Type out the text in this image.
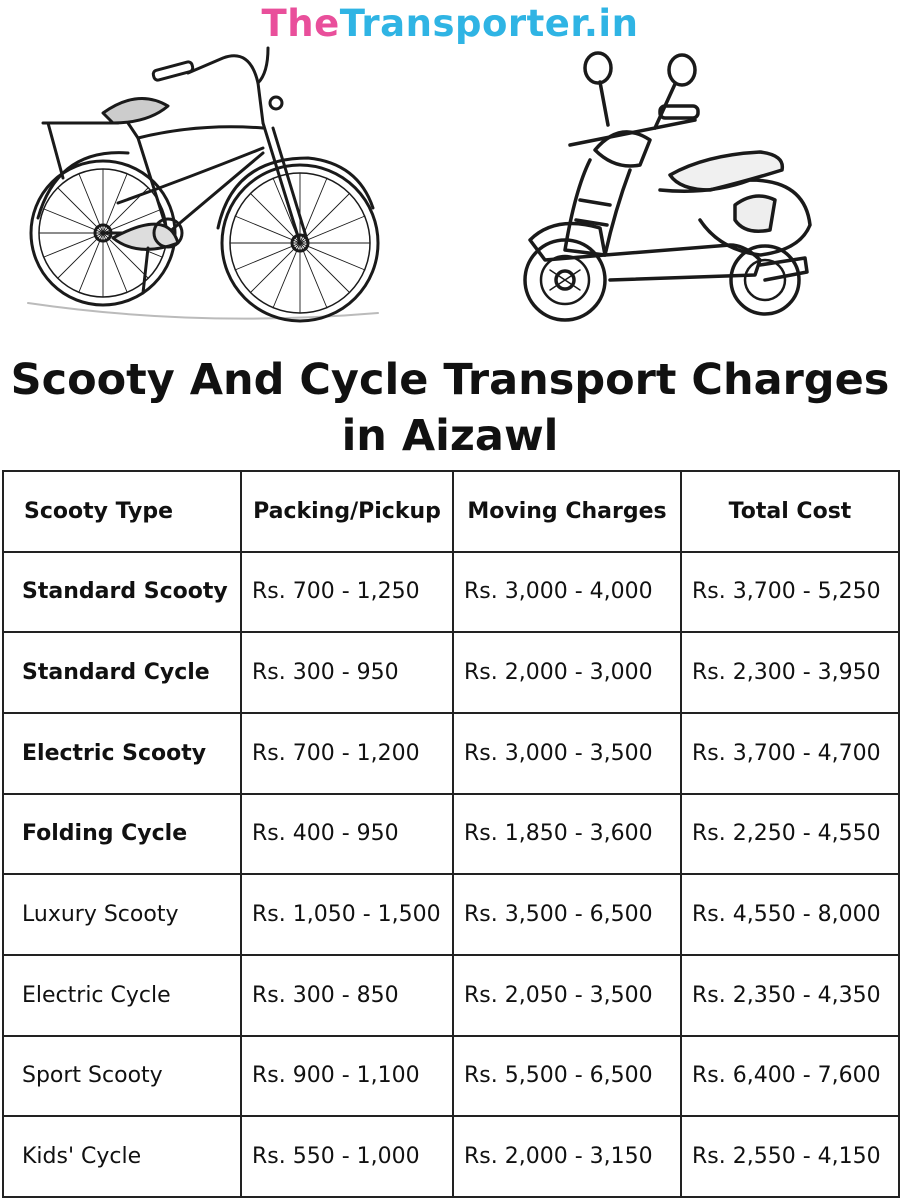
TheTransporter.in
Scooty And Cycle Transport Charges in Aizawl
Scooty Type	Packing/Pickup	Moving Charges	Total Cost
Standard Scooty	Rs. 700 - 1,250	Rs. 3,000 - 4,000	Rs. 3,700 - 5,250
Standard Cycle	Rs. 300 - 950	Rs. 2,000 - 3,000	Rs. 2,300 - 3,950
Electric Scooty	Rs. 700 - 1,200	Rs. 3,000 - 3,500	Rs. 3,700 - 4,700
Folding Cycle	Rs. 400 - 950	Rs. 1,850 - 3,600	Rs. 2,250 - 4,550
Luxury Scooty	Rs. 1,050 - 1,500	Rs. 3,500 - 6,500	Rs. 4,550 - 8,000
Electric Cycle	Rs. 300 - 850	Rs. 2,050 - 3,500	Rs. 2,350 - 4,350
Sport Scooty	Rs. 900 - 1,100	Rs. 5,500 - 6,500	Rs. 6,400 - 7,600
Kids' Cycle	Rs. 550 - 1,000	Rs. 2,000 - 3,150	Rs. 2,550 - 4,150
